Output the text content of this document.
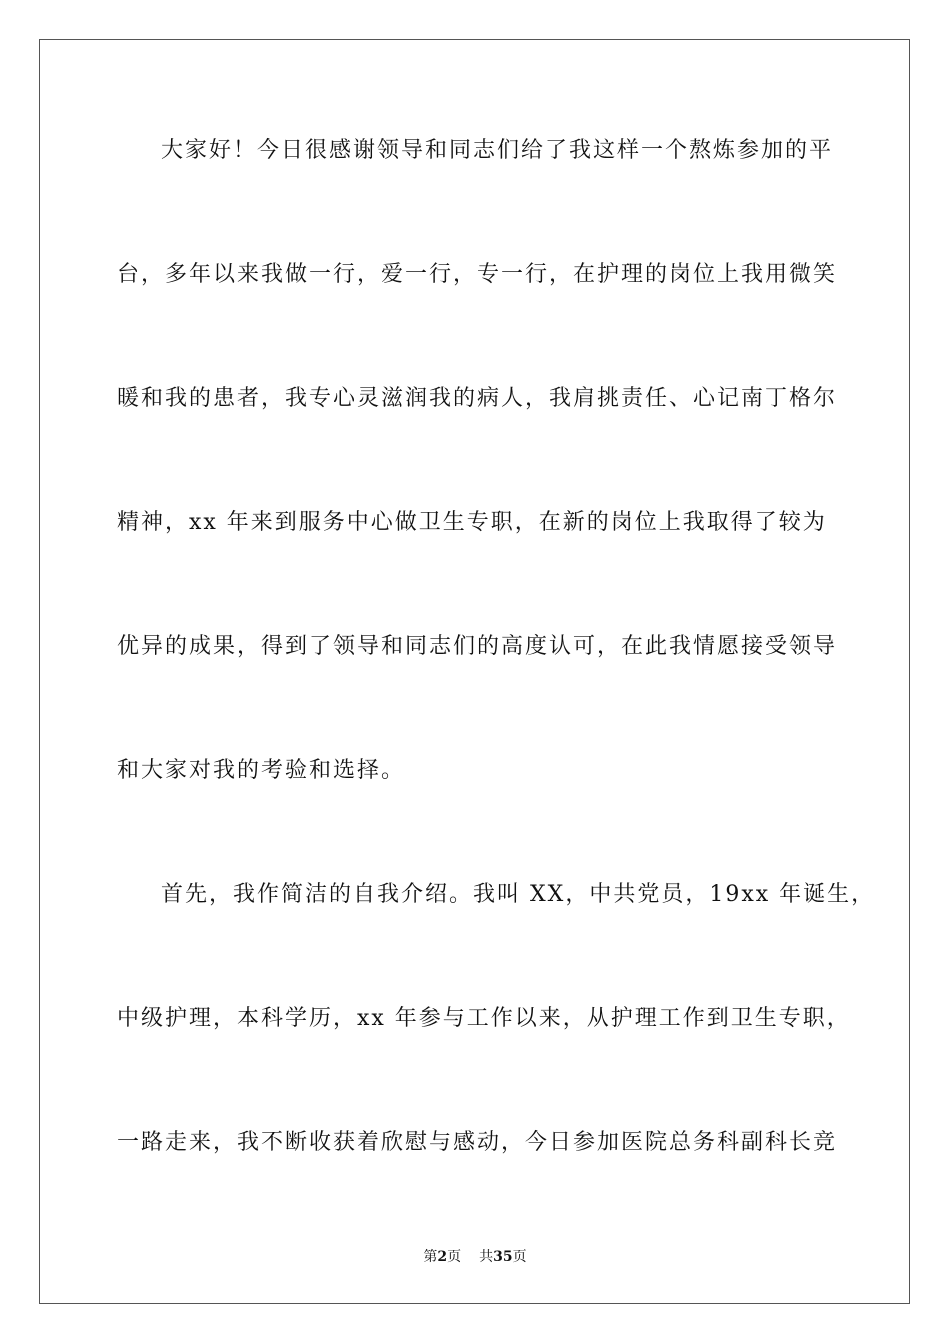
大家好！今日很感谢领导和同志们给了我这样一个熬炼参加的平
台，多年以来我做一行，爱一行，专一行，在护理的岗位上我用微笑
暖和我的患者，我专心灵滋润我的病人，我肩挑责任、心记南丁格尔
精神，xx 年来到服务中心做卫生专职，在新的岗位上我取得了较为
优异的成果，得到了领导和同志们的高度认可，在此我情愿接受领导
和大家对我的考验和选择。
首先，我作简洁的自我介绍。我叫 XX，中共党员，19xx 年诞生，
中级护理，本科学历，xx 年参与工作以来，从护理工作到卫生专职，
一路走来，我不断收获着欣慰与感动，今日参加医院总务科副科长竞
第2页 共35页
